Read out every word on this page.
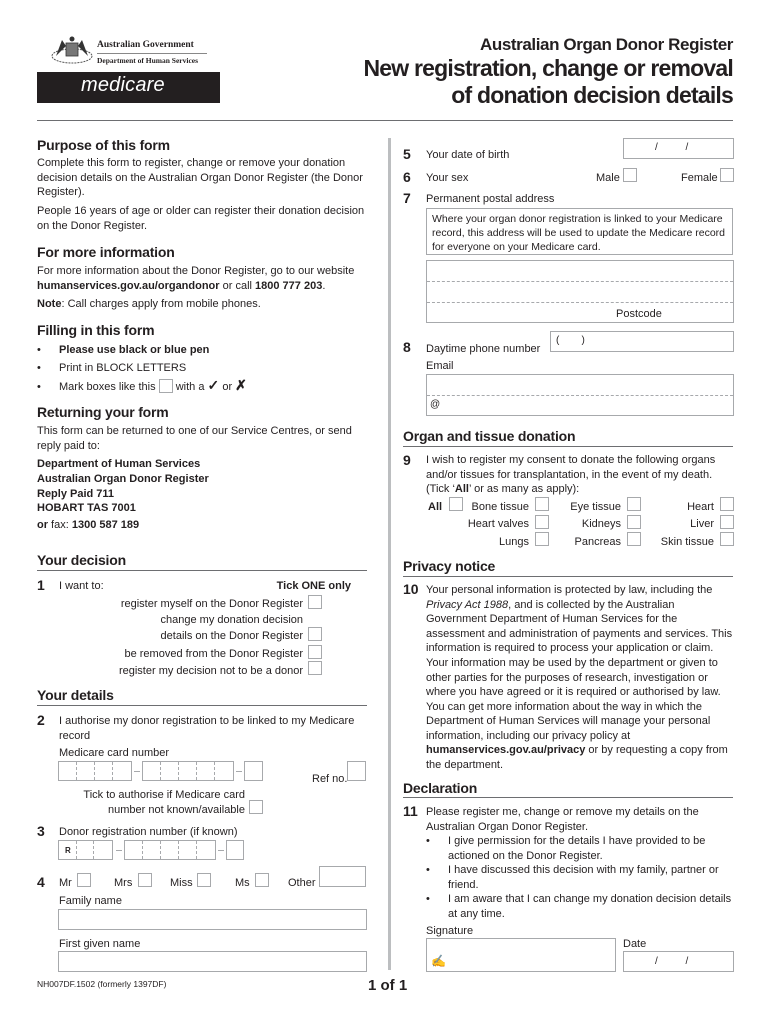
Australian Government
Department of Human Services
medicare
Australian Organ Donor Register
New registration, change or removal
of donation decision details
Purpose of this form
Complete this form to register, change or remove your donation decision details on the Australian Organ Donor Register (the Donor Register).
People 16 years of age or older can register their donation decision on the Donor Register.
For more information
For more information about the Donor Register, go to our website
humanservices.gov.au/organdonor or call 1800 777 203.
Note: Call charges apply from mobile phones.
Filling in this form
• Please use black or blue pen
• Print in BLOCK LETTERS
• Mark boxes like this with a ✓ or ✗
Returning your form
This form can be returned to one of our Service Centres, or send reply paid to:
Department of Human Services
Australian Organ Donor Register
Reply Paid 711
HOBART TAS 7001
or fax: 1300 587 189
Your decision
1 I want to:	Tick ONE only
register myself on the Donor Register
change my donation decision
details on the Donor Register
be removed from the Donor Register
register my decision not to be a donor
Your details
2 I authorise my donor registration to be linked to my Medicare record
Medicare card number
Ref no.
Tick to authorise if Medicare card
number not known/available
3 Donor registration number (if known)
R
4 Mr	Mrs	Miss	Ms	Other
Family name
First given name
NH007DF.1502 (formerly 1397DF)	1 of 1
5 Your date of birth
/          /
6 Your sex	Male	Female
7 Permanent postal address
Where your organ donor registration is linked to your Medicare record, this address will be used to update the Medicare record for everyone on your Medicare card.
Postcode
8 Daytime phone number
(        )
Email
@
Organ and tissue donation
9 I wish to register my consent to donate the following organs and/or tissues for transplantation, in the event of my death.
(Tick ‘All’ or as many as apply):
All	Bone tissue	Eye tissue	Heart
Heart valves	Kidneys	Liver
Lungs	Pancreas	Skin tissue
Privacy notice
10 Your personal information is protected by law, including the Privacy Act 1988, and is collected by the Australian Government Department of Human Services for the assessment and administration of payments and services. This information is required to process your application or claim.
Your information may be used by the department or given to other parties for the purposes of research, investigation or where you have agreed or it is required or authorised by law. You can get more information about the way in which the Department of Human Services will manage your personal information, including our privacy policy at humanservices.gov.au/privacy or by requesting a copy from the department.
Declaration
11 Please register me, change or remove my details on the Australian Organ Donor Register.
•	I give permission for the details I have provided to be actioned on the Donor Register.
•	I have discussed this decision with my family, partner or friend.
•	I am aware that I can change my donation decision details at any time.
Signature
✍
Date
/          /
